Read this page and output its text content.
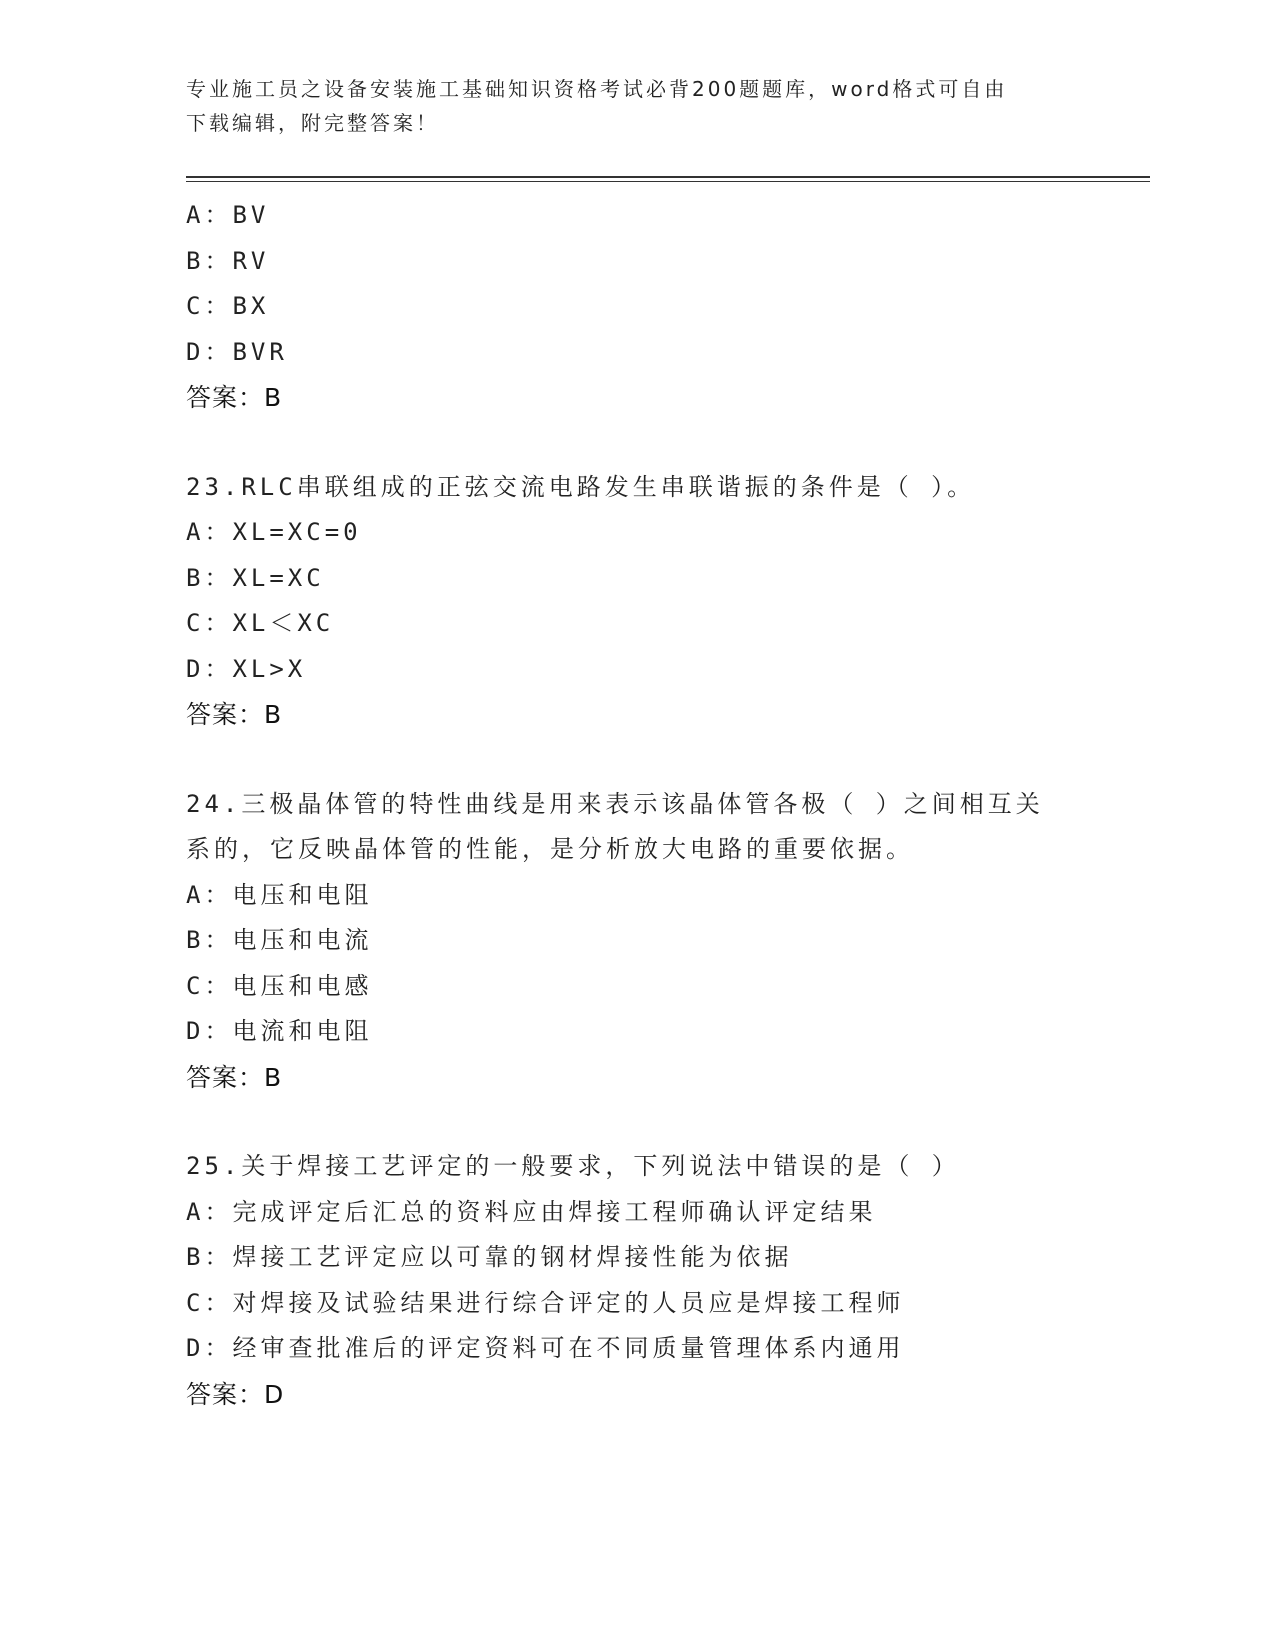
专业施工员之设备安装施工基础知识资格考试必背200题题库，word格式可自由
下载编辑，附完整答案！
A：BV
B：RV
C：BX
D：BVR
答案：B
23.RLC串联组成的正弦交流电路发生串联谐振的条件是（ ）。
A：XL=XC=0
B：XL=XC
C：XL＜XC
D：XL>X
答案：B
24.三极晶体管的特性曲线是用来表示该晶体管各极（ ）之间相互关
系的，它反映晶体管的性能，是分析放大电路的重要依据。
A：电压和电阻
B：电压和电流
C：电压和电感
D：电流和电阻
答案：B
25.关于焊接工艺评定的一般要求，下列说法中错误的是（ ）
A：完成评定后汇总的资料应由焊接工程师确认评定结果
B：焊接工艺评定应以可靠的钢材焊接性能为依据
C：对焊接及试验结果进行综合评定的人员应是焊接工程师
D：经审查批准后的评定资料可在不同质量管理体系内通用
答案：D
